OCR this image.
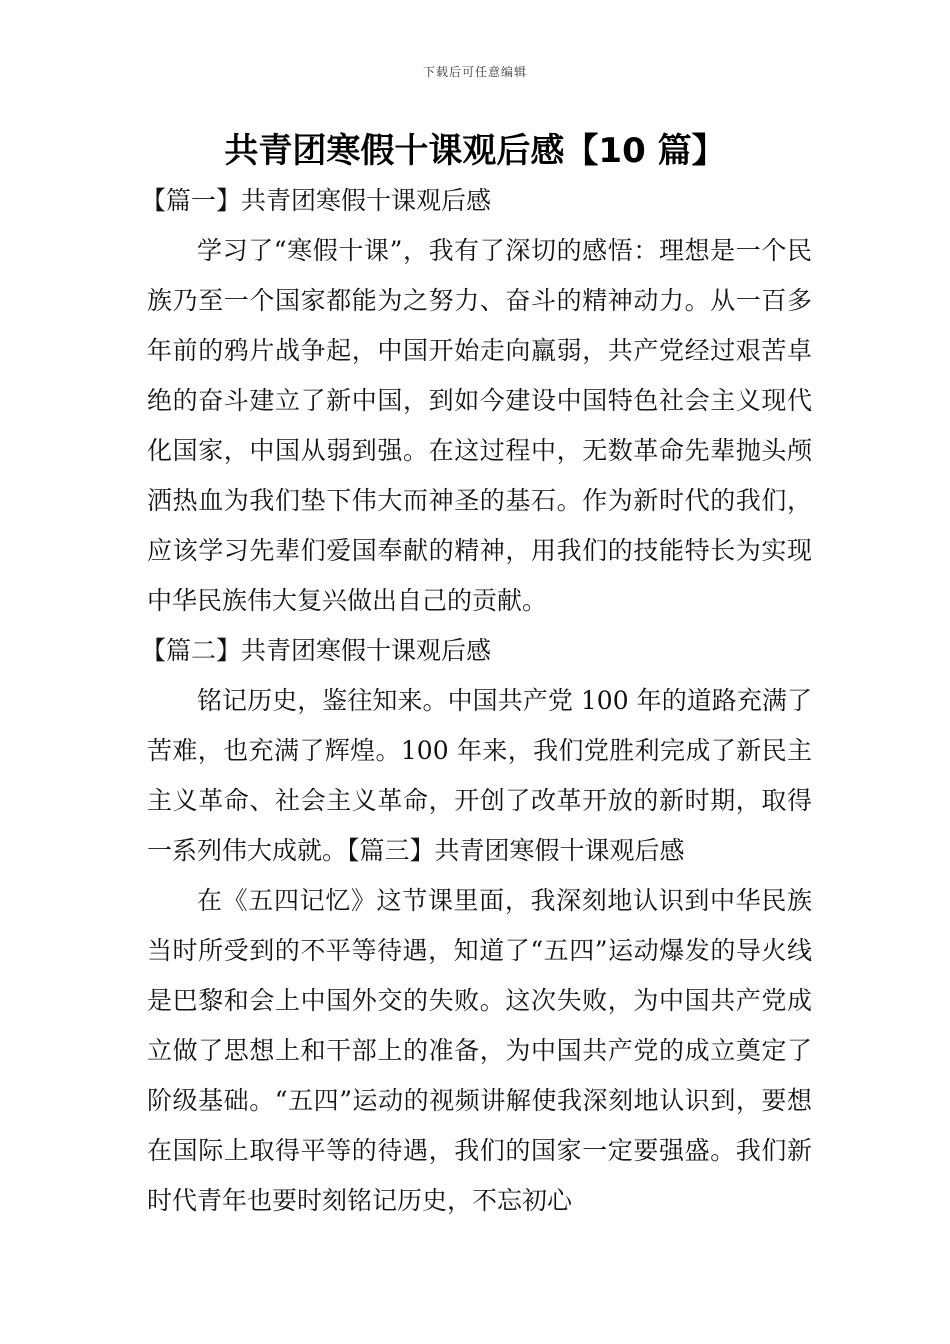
下载后可任意编辑
共青团寒假十课观后感【10 篇】
【篇一】共青团寒假十课观后感

学习了“寒假十课”，我有了深切的感悟：理想是一个民族乃至一个国家都能为之努力、奋斗的精神动力。从一百多年前的鸦片战争起，中国开始走向羸弱，共产党经过艰苦卓绝的奋斗建立了新中国，到如今建设中国特色社会主义现代化国家，中国从弱到强。在这过程中，无数革命先辈抛头颅洒热血为我们垫下伟大而神圣的基石。作为新时代的我们，应该学习先辈们爱国奉献的精神，用我们的技能特长为实现中华民族伟大复兴做出自己的贡献。

【篇二】共青团寒假十课观后感

铭记历史，鉴往知来。中国共产党 100 年的道路充满了苦难，也充满了辉煌。100 年来，我们党胜利完成了新民主主义革命、社会主义革命，开创了改革开放的新时期，取得一系列伟大成就。【篇三】共青团寒假十课观后感

在《五四记忆》这节课里面，我深刻地认识到中华民族当时所受到的不平等待遇，知道了“五四”运动爆发的导火线是巴黎和会上中国外交的失败。这次失败，为中国共产党成立做了思想上和干部上的准备，为中国共产党的成立奠定了阶级基础。“五四”运动的视频讲解使我深刻地认识到，要想在国际上取得平等的待遇，我们的国家一定要强盛。我们新时代青年也要时刻铭记历史，不忘初心
